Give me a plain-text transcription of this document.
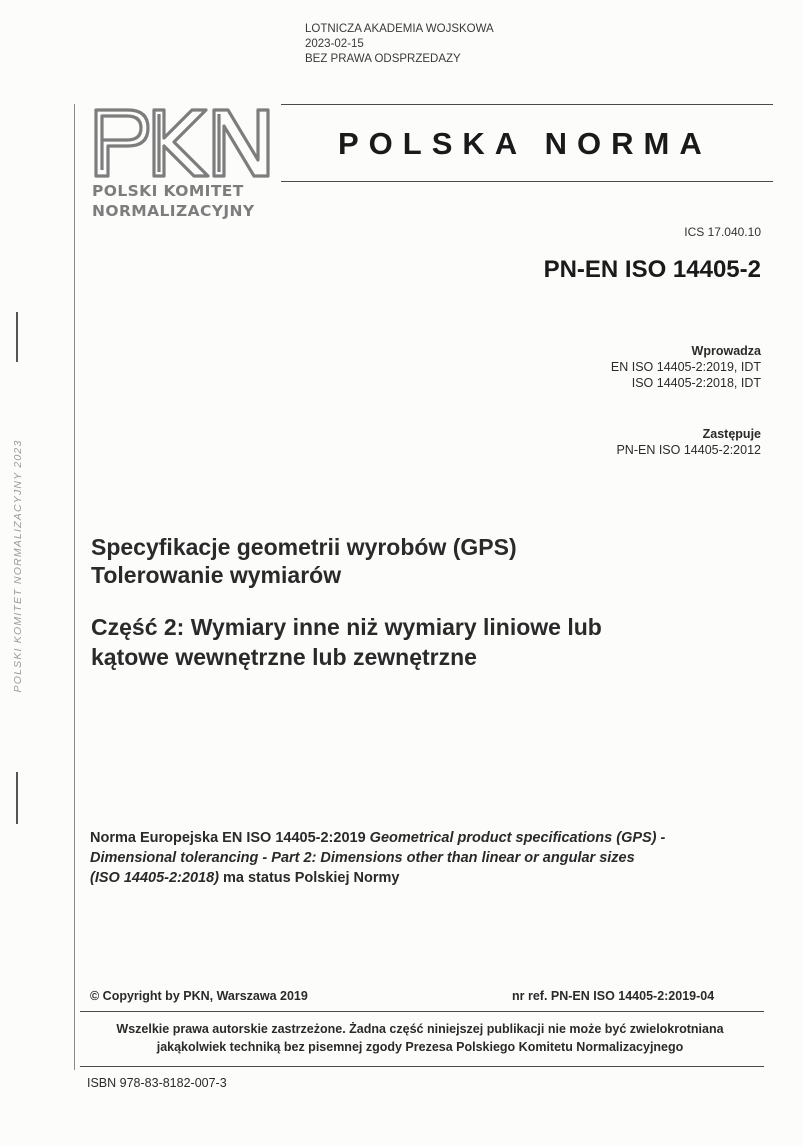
LOTNICZA AKADEMIA WOJSKOWA
2023-02-15
BEZ PRAWA ODSPRZEDAZY
POLSKI KOMITET NORMALIZACYJNY 2023
POLSKI KOMITET
NORMALIZACYJNY
POLSKA NORMA
ICS 17.040.10
PN-EN ISO 14405-2
Wprowadza
EN ISO 14405-2:2019, IDT
ISO 14405-2:2018, IDT
Zastępuje
PN-EN ISO 14405-2:2012
Specyfikacje geometrii wyrobów (GPS)
Tolerowanie wymiarów
Część 2: Wymiary inne niż wymiary liniowe lub
kątowe wewnętrzne lub zewnętrzne
Norma Europejska EN ISO 14405-2:2019 Geometrical product specifications (GPS) -
Dimensional tolerancing - Part 2: Dimensions other than linear or angular sizes
(ISO 14405-2:2018) ma status Polskiej Normy
© Copyright by PKN, Warszawa 2019	nr ref. PN-EN ISO 14405-2:2019-04
Wszelkie prawa autorskie zastrzeżone. Żadna część niniejszej publikacji nie może być zwielokrotniana
jakąkolwiek techniką bez pisemnej zgody Prezesa Polskiego Komitetu Normalizacyjnego
ISBN 978-83-8182-007-3
